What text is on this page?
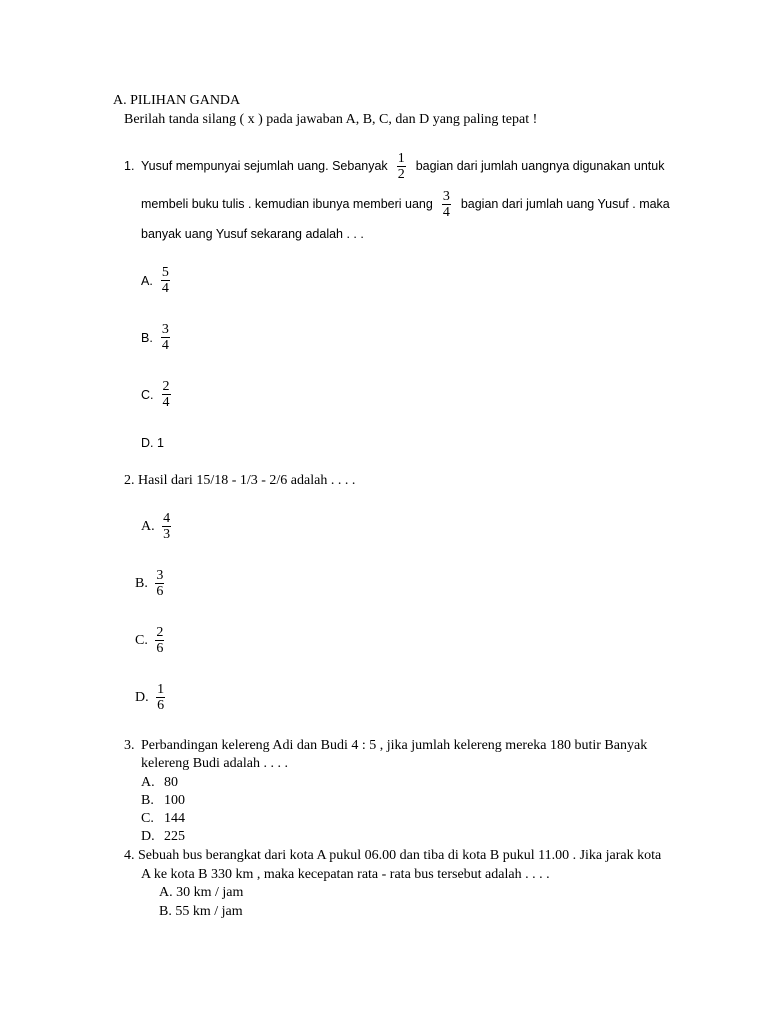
A. PILIHAN GANDA
Berilah tanda silang ( x ) pada jawaban A, B, C, dan D yang paling tepat !
1. Yusuf mempunyai sejumlah uang. Sebanyak $\frac{1}{2}$ bagian dari jumlah uangnya digunakan untuk
membeli buku tulis . kemudian ibunya memberi uang $\frac{3}{4}$ bagian dari jumlah uang Yusuf . maka
banyak uang Yusuf sekarang adalah . . .
A. $\frac{5}{4}$
B. $\frac{3}{4}$
C. $\frac{2}{4}$
D. 1
2. Hasil dari 15/18 - 1/3 - 2/6 adalah . . . .
A. $\frac{4}{3}$
B. $\frac{3}{6}$
C. $\frac{2}{6}$
D. $\frac{1}{6}$
3. Perbandingan kelereng Adi dan Budi 4 : 5 , jika jumlah kelereng mereka 180 butir Banyak
kelereng Budi adalah . . . .
A. 80
B. 100
C. 144
D. 225
4. Sebuah bus berangkat dari kota A pukul 06.00 dan tiba di kota B pukul 11.00 . Jika jarak kota
A ke kota B 330 km , maka kecepatan rata - rata bus tersebut adalah . . . .
A. 30 km / jam
B. 55 km / jam
